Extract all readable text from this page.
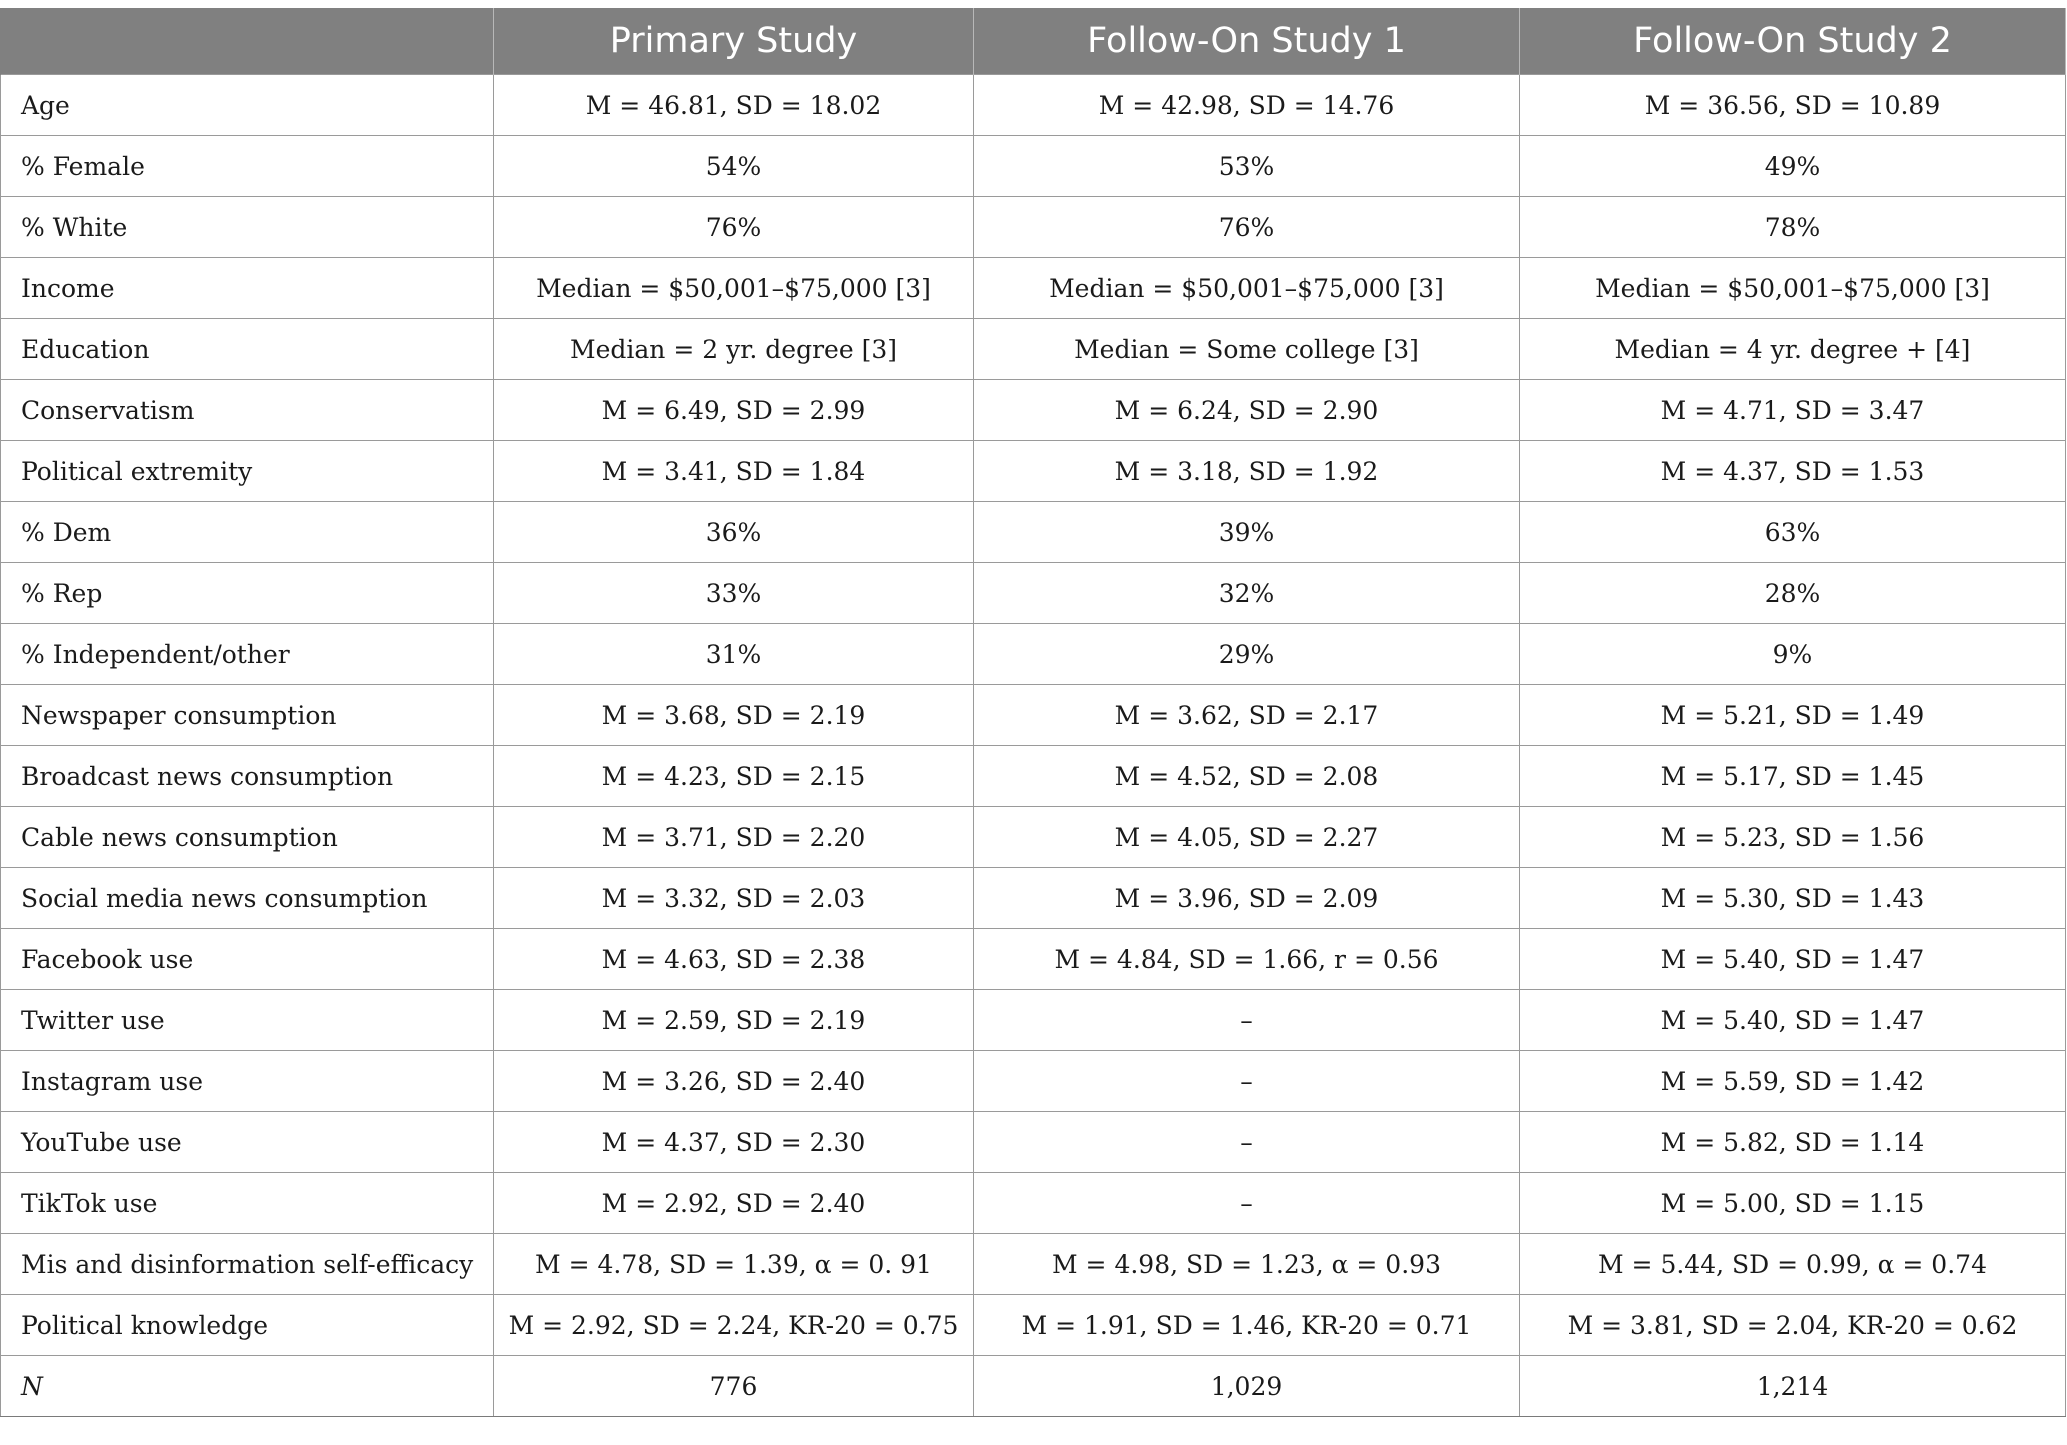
	Primary Study	Follow-On Study 1	Follow-On Study 2
Age	M = 46.81, SD = 18.02	M = 42.98, SD = 14.76	M = 36.56, SD = 10.89
% Female	54%	53%	49%
% White	76%	76%	78%
Income	Median = $50,001–$75,000 [3]	Median = $50,001–$75,000 [3]	Median = $50,001–$75,000 [3]
Education	Median = 2 yr. degree [3]	Median = Some college [3]	Median = 4 yr. degree + [4]
Conservatism	M = 6.49, SD = 2.99	M = 6.24, SD = 2.90	M = 4.71, SD = 3.47
Political extremity	M = 3.41, SD = 1.84	M = 3.18, SD = 1.92	M = 4.37, SD = 1.53
% Dem	36%	39%	63%
% Rep	33%	32%	28%
% Independent/other	31%	29%	9%
Newspaper consumption	M = 3.68, SD = 2.19	M = 3.62, SD = 2.17	M = 5.21, SD = 1.49
Broadcast news consumption	M = 4.23, SD = 2.15	M = 4.52, SD = 2.08	M = 5.17, SD = 1.45
Cable news consumption	M = 3.71, SD = 2.20	M = 4.05, SD = 2.27	M = 5.23, SD = 1.56
Social media news consumption	M = 3.32, SD = 2.03	M = 3.96, SD = 2.09	M = 5.30, SD = 1.43
Facebook use	M = 4.63, SD = 2.38	M = 4.84, SD = 1.66, r = 0.56	M = 5.40, SD = 1.47
Twitter use	M = 2.59, SD = 2.19	–	M = 5.40, SD = 1.47
Instagram use	M = 3.26, SD = 2.40	–	M = 5.59, SD = 1.42
YouTube use	M = 4.37, SD = 2.30	–	M = 5.82, SD = 1.14
TikTok use	M = 2.92, SD = 2.40	–	M = 5.00, SD = 1.15
Mis and disinformation self-efficacy	M = 4.78, SD = 1.39, α = 0. 91	M = 4.98, SD = 1.23, α = 0.93	M = 5.44, SD = 0.99, α = 0.74
Political knowledge	M = 2.92, SD = 2.24, KR-20 = 0.75	M = 1.91, SD = 1.46, KR-20 = 0.71	M = 3.81, SD = 2.04, KR-20 = 0.62
N	776	1,029	1,214
